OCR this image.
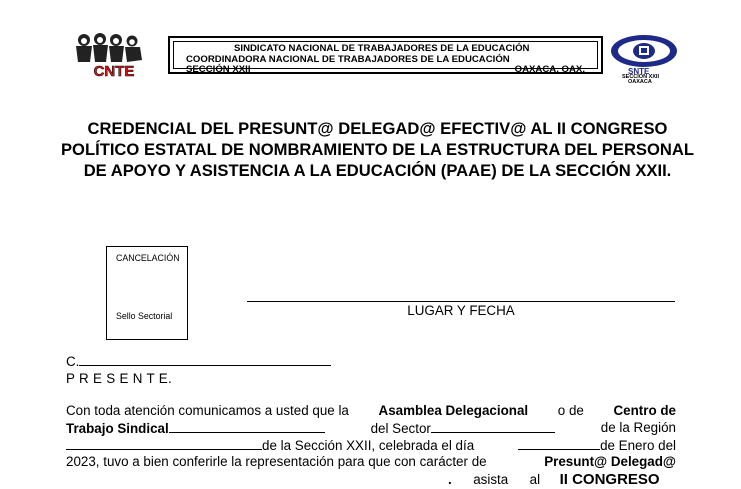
CNTE
SINDICATO NACIONAL DE TRABAJADORES DE LA EDUCACIÓN
COORDINADORA NACIONAL DE TRABAJADORES DE LA EDUCACIÓN
SECCIÓN XXII	OAXACA, OAX.	SNTE
SECCION XXII
OAXACA
CREDENCIAL DEL PRESUNT@ DELEGAD@ EFECTIV@ AL II CONGRESO POLÍTICO ESTATAL DE NOMBRAMIENTO DE LA ESTRUCTURA DEL PERSONAL DE APOYO Y ASISTENCIA A LA EDUCACIÓN (PAAE) DE LA SECCIÓN XXII.
CANCELACIÓN
Sello Sectorial	LUGAR Y FECHA
C.
P R E S E N T E.
Con toda atención comunicamos a usted que la Asamblea Delegacional o de Centro de
Trabajo Sindical	del Sector	de la Región
de la Sección XXII, celebrada el día	de Enero del
2023, tuvo a bien conferirle la representación para que con carácter de	Presunt@ Delegad@
. asista al II CONGRESO
